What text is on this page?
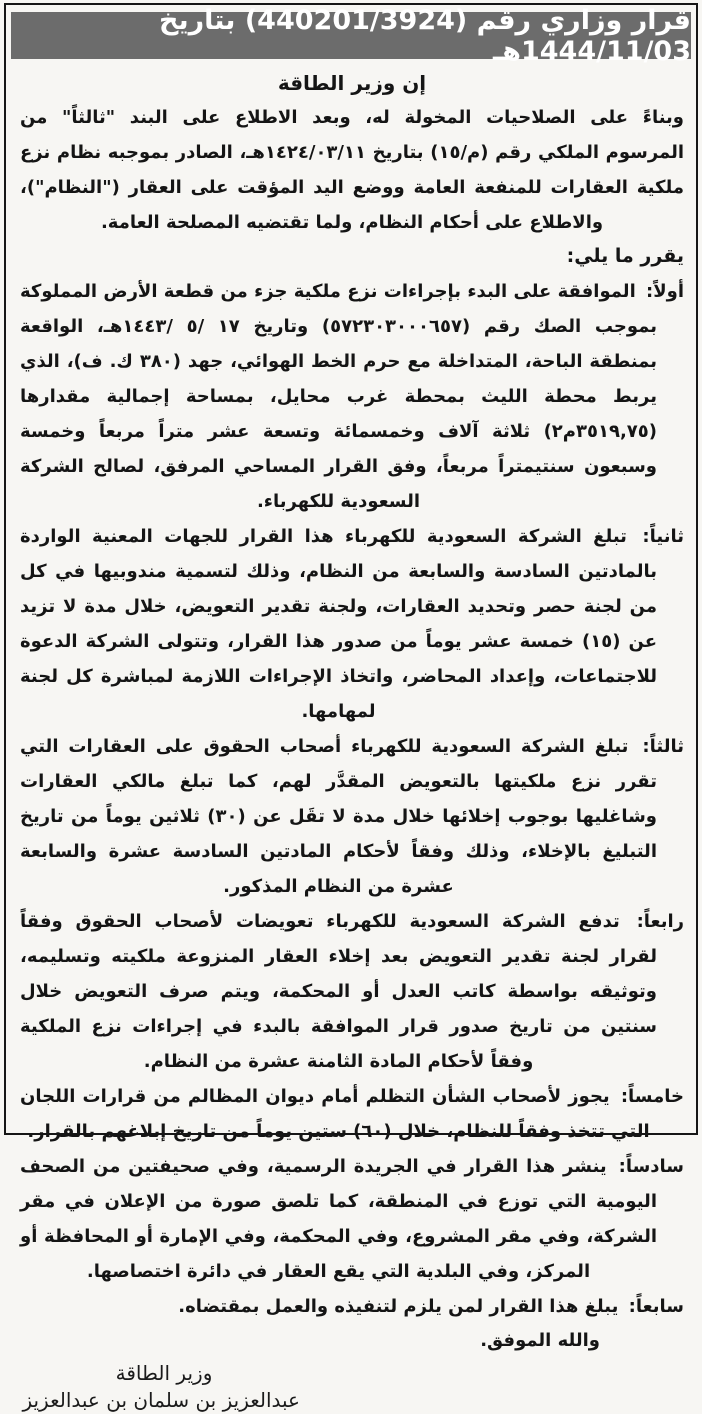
قرار وزاري رقم (440201/3924) بتاريخ 1444/11/03هـ
إن وزير الطاقة
وبناءً على الصلاحيات المخولة له، وبعد الاطلاع على البند "ثالثاً" من المرسوم الملكي رقم (م/١٥) بتاريخ ١٤٢٤/٠٣/١١هـ، الصادر بموجبه نظام نزع ملكية العقارات للمنفعة العامة ووضع اليد المؤقت على العقار ("النظام")، والاطلاع على أحكام النظام، ولما تقتضيه المصلحة العامة.
يقرر ما يلي:

أولاً: الموافقة على البدء بإجراءات نزع ملكية جزء من قطعة الأرض المملوكة بموجب الصك رقم (٥٧٢٣٠٣٠٠٠٦٥٧) وتاريخ ١٧ /٥ /١٤٤٣هـ، الواقعة بمنطقة الباحة، المتداخلة مع حرم الخط الهوائي، جهد (٣٨٠ ك. ف)، الذي يربط محطة الليث بمحطة غرب محايل، بمساحة إجمالية مقدارها (٣٥١٩,٧٥م٢) ثلاثة آلاف وخمسمائة وتسعة عشر متراً مربعاً وخمسة وسبعون سنتيمتراً مربعاً، وفق القرار المساحي المرفق، لصالح الشركة السعودية للكهرباء.

ثانياً: تبلغ الشركة السعودية للكهرباء هذا القرار للجهات المعنية الواردة بالمادتين السادسة والسابعة من النظام، وذلك لتسمية مندوبيها في كل من لجنة حصر وتحديد العقارات، ولجنة تقدير التعويض، خلال مدة لا تزيد عن (١٥) خمسة عشر يوماً من صدور هذا القرار، وتتولى الشركة الدعوة للاجتماعات، وإعداد المحاضر، واتخاذ الإجراءات اللازمة لمباشرة كل لجنة لمهامها.

ثالثاً: تبلغ الشركة السعودية للكهرباء أصحاب الحقوق على العقارات التي تقرر نزع ملكيتها بالتعويض المقدَّر لهم، كما تبلغ مالكي العقارات وشاغليها بوجوب إخلائها خلال مدة لا تقَل عن (٣٠) ثلاثين يوماً من تاريخ التبليغ بالإخلاء، وذلك وفقاً لأحكام المادتين السادسة عشرة والسابعة عشرة من النظام المذكور.

رابعاً: تدفع الشركة السعودية للكهرباء تعويضات لأصحاب الحقوق وفقاً لقرار لجنة تقدير التعويض بعد إخلاء العقار المنزوعة ملكيته وتسليمه، وتوثيقه بواسطة كاتب العدل أو المحكمة، ويتم صرف التعويض خلال سنتين من تاريخ صدور قرار الموافقة بالبدء في إجراءات نزع الملكية وفقاً لأحكام المادة الثامنة عشرة من النظام.

خامساً: يجوز لأصحاب الشأن التظلم أمام ديوان المظالم من قرارات اللجان التي تتخذ وفقاً للنظام، خلال (٦٠) ستين يوماً من تاريخ إبلاغهم بالقرار.

سادساً: ينشر هذا القرار في الجريدة الرسمية، وفي صحيفتين من الصحف اليومية التي توزع في المنطقة، كما تلصق صورة من الإعلان في مقر الشركة، وفي مقر المشروع، وفي المحكمة، وفي الإمارة أو المحافظة أو المركز، وفي البلدية التي يقع العقار في دائرة اختصاصها.

سابعاً: يبلغ هذا القرار لمن يلزم لتنفيذه والعمل بمقتضاه.

والله الموفق.
وزير الطاقة
عبدالعزيز بن سلمان بن عبدالعزيز
